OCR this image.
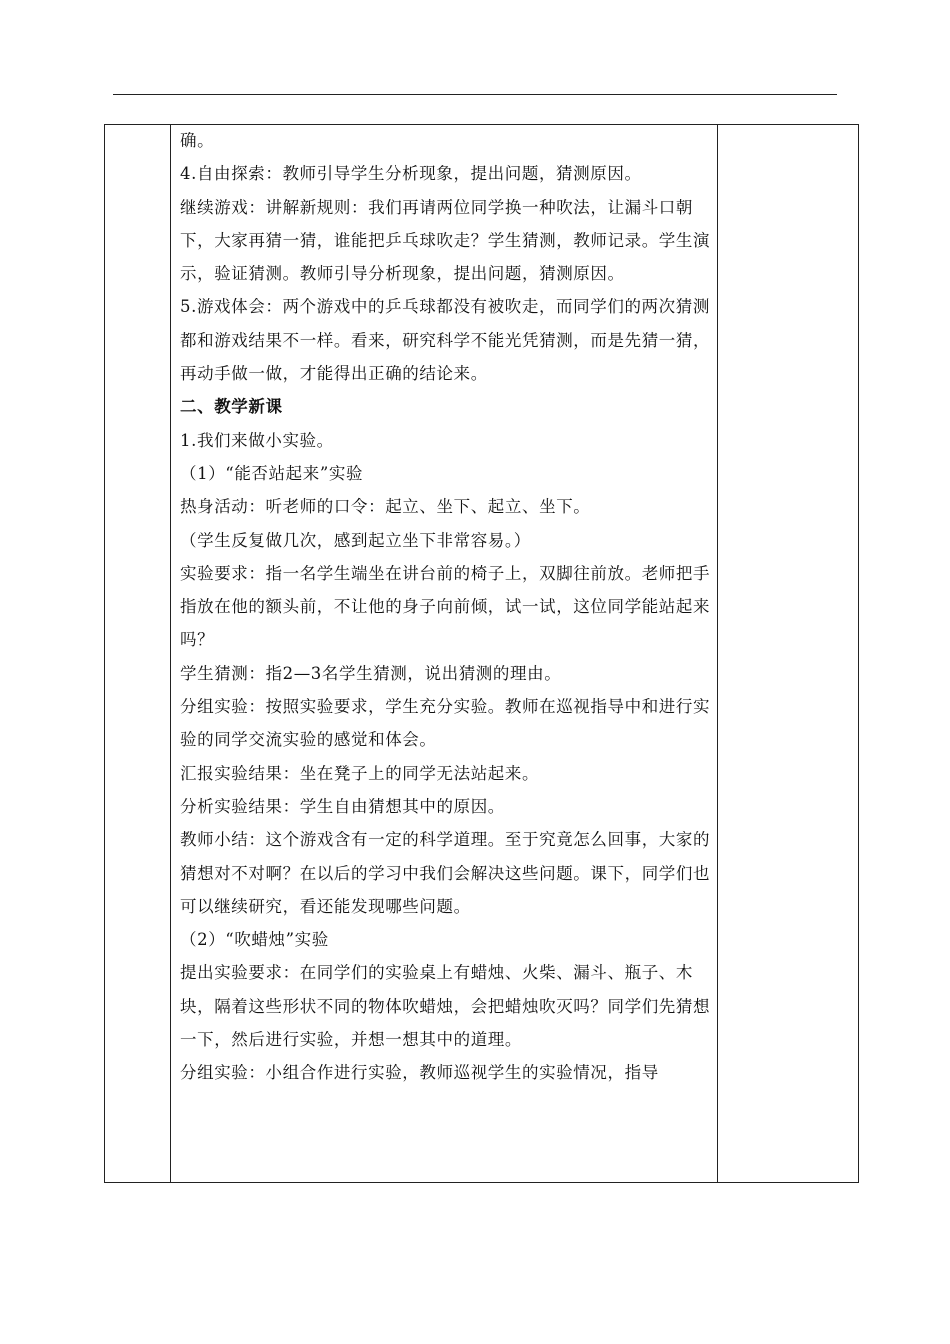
确。

4.自由探索：教师引导学生分析现象，提出问题，猜测原因。

继续游戏：讲解新规则：我们再请两位同学换一种吹法，让漏斗口朝下，大家再猜一猜，谁能把乒乓球吹走？学生猜测，教师记录。学生演示，验证猜测。教师引导分析现象，提出问题，猜测原因。

5.游戏体会：两个游戏中的乒乓球都没有被吹走，而同学们的两次猜测都和游戏结果不一样。看来，研究科学不能光凭猜测，而是先猜一猜，再动手做一做，才能得出正确的结论来。

二、教学新课

1.我们来做小实验。

（1）“能否站起来”实验

热身活动：听老师的口令：起立、坐下、起立、坐下。

（学生反复做几次，感到起立坐下非常容易。）

实验要求：指一名学生端坐在讲台前的椅子上，双脚往前放。老师把手指放在他的额头前，不让他的身子向前倾，试一试，这位同学能站起来吗？

学生猜测：指2—3名学生猜测，说出猜测的理由。

分组实验：按照实验要求，学生充分实验。教师在巡视指导中和进行实验的同学交流实验的感觉和体会。

汇报实验结果：坐在凳子上的同学无法站起来。

分析实验结果：学生自由猜想其中的原因。

教师小结：这个游戏含有一定的科学道理。至于究竟怎么回事，大家的猜想对不对啊？在以后的学习中我们会解决这些问题。课下，同学们也可以继续研究，看还能发现哪些问题。

（2）“吹蜡烛”实验

提出实验要求：在同学们的实验桌上有蜡烛、火柴、漏斗、瓶子、木块，隔着这些形状不同的物体吹蜡烛，会把蜡烛吹灭吗？同学们先猜想一下，然后进行实验，并想一想其中的道理。

分组实验：小组合作进行实验，教师巡视学生的实验情况，指导
